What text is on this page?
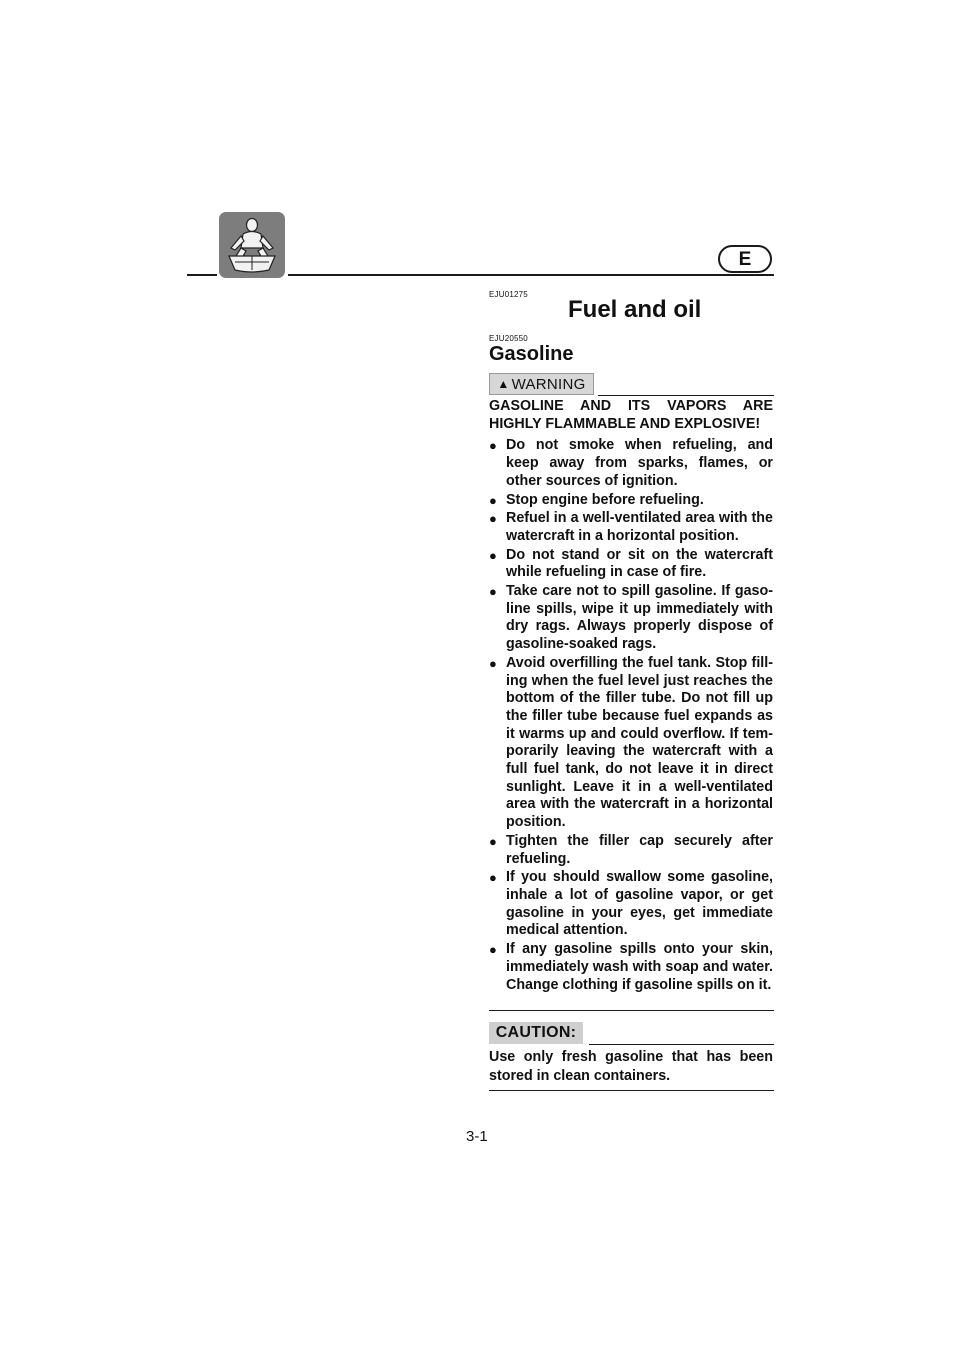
E
EJU01275
Fuel and oil
EJU20550
Gasoline
▲ WARNING

GASOLINE AND ITS VAPORS ARE HIGHLY FLAMMABLE AND EXPLOSIVE!

● Do not smoke when refueling, and keep away from sparks, flames, or other sources of ignition.
● Stop engine before refueling.
● Refuel in a well-ventilated area with the watercraft in a horizontal position.
● Do not stand or sit on the watercraft while refueling in case of fire.
● Take care not to spill gasoline. If gaso-line spills, wipe it up immediately with dry rags. Always properly dispose of gasoline-soaked rags.
● Avoid overfilling the fuel tank. Stop fill-ing when the fuel level just reaches the bottom of the filler tube. Do not fill up the filler tube because fuel expands as it warms up and could overflow. If tem-porarily leaving the watercraft with a full fuel tank, do not leave it in direct sunlight. Leave it in a well-ventilated area with the watercraft in a horizontal position.
● Tighten the filler cap securely after refueling.
● If you should swallow some gasoline, inhale a lot of gasoline vapor, or get gasoline in your eyes, get immediate medical attention.
● If any gasoline spills onto your skin, immediately wash with soap and water. Change clothing if gasoline spills on it.
CAUTION:

Use only fresh gasoline that has been stored in clean containers.

3-1
